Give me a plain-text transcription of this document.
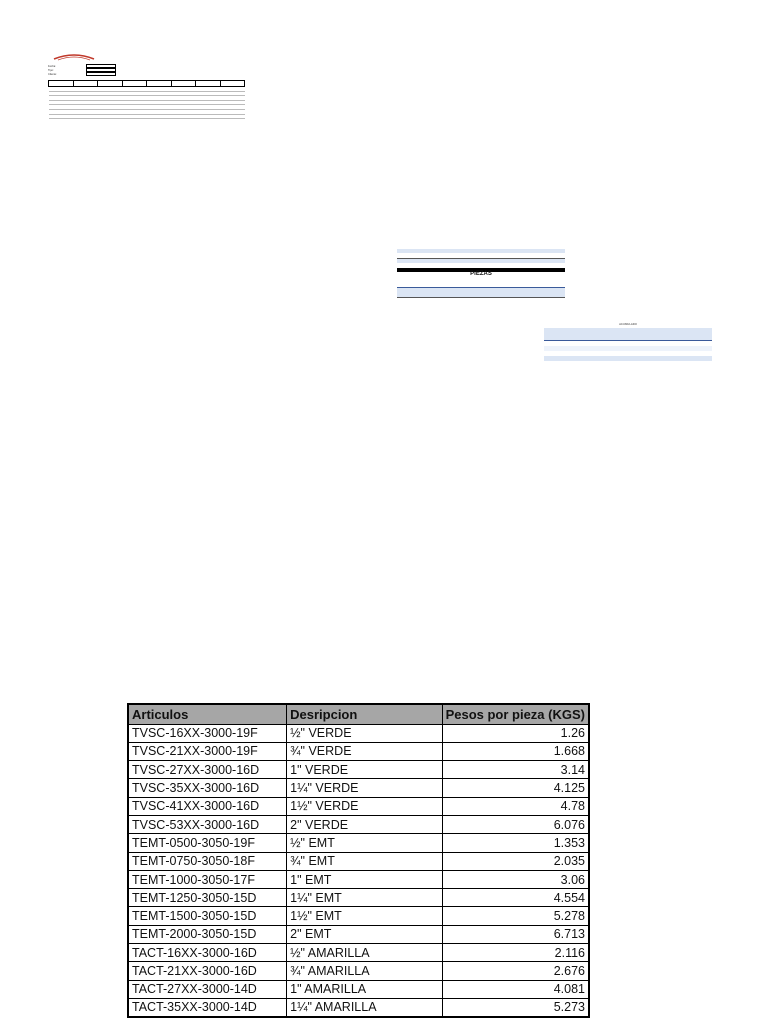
Fecha:
Tipo:
Cliente:

PIEZAS

ACUMULADO

Articulos	Desripcion	Pesos por pieza (KGS)
TVSC-16XX-3000-19F	½" VERDE	1.26
TVSC-21XX-3000-19F	¾" VERDE	1.668
TVSC-27XX-3000-16D	1" VERDE	3.14
TVSC-35XX-3000-16D	1¼" VERDE	4.125
TVSC-41XX-3000-16D	1½" VERDE	4.78
TVSC-53XX-3000-16D	2" VERDE	6.076
TEMT-0500-3050-19F	½" EMT	1.353
TEMT-0750-3050-18F	¾" EMT	2.035
TEMT-1000-3050-17F	1" EMT	3.06
TEMT-1250-3050-15D	1¼" EMT	4.554
TEMT-1500-3050-15D	1½" EMT	5.278
TEMT-2000-3050-15D	2" EMT	6.713
TACT-16XX-3000-16D	½" AMARILLA	2.116
TACT-21XX-3000-16D	¾" AMARILLA	2.676
TACT-27XX-3000-14D	1" AMARILLA	4.081
TACT-35XX-3000-14D	1¼" AMARILLA	5.273
